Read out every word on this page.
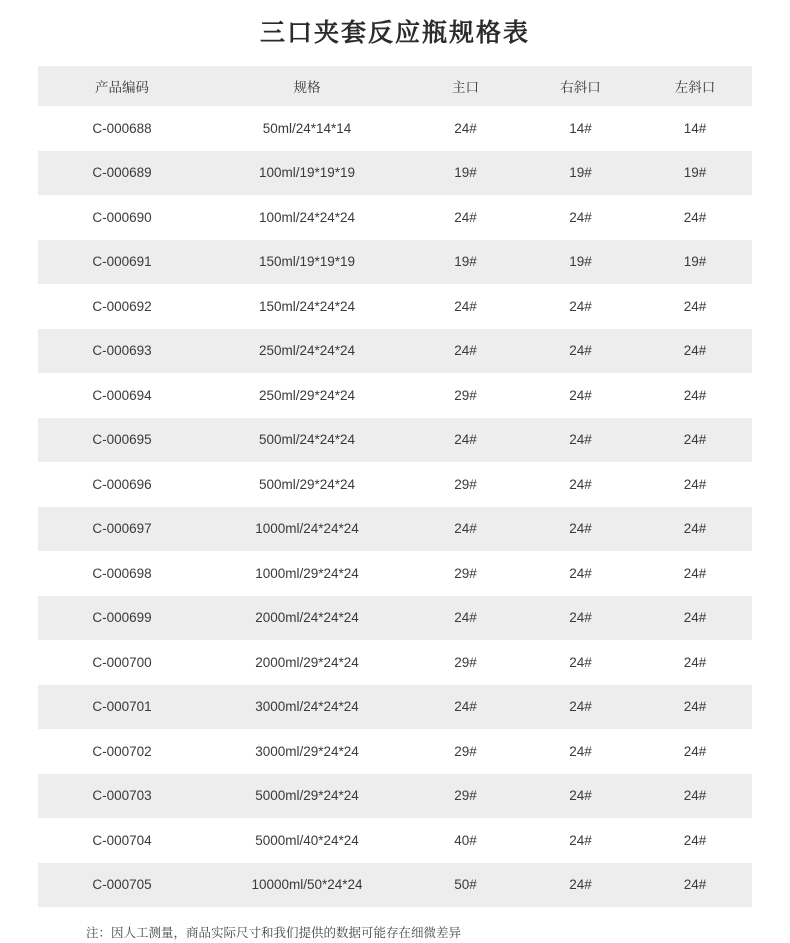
三口夹套反应瓶规格表
产品编码	规格	主口	右斜口	左斜口
C-000688	50ml/24*14*14	24#	14#	14#
C-000689	100ml/19*19*19	19#	19#	19#
C-000690	100ml/24*24*24	24#	24#	24#
C-000691	150ml/19*19*19	19#	19#	19#
C-000692	150ml/24*24*24	24#	24#	24#
C-000693	250ml/24*24*24	24#	24#	24#
C-000694	250ml/29*24*24	29#	24#	24#
C-000695	500ml/24*24*24	24#	24#	24#
C-000696	500ml/29*24*24	29#	24#	24#
C-000697	1000ml/24*24*24	24#	24#	24#
C-000698	1000ml/29*24*24	29#	24#	24#
C-000699	2000ml/24*24*24	24#	24#	24#
C-000700	2000ml/29*24*24	29#	24#	24#
C-000701	3000ml/24*24*24	24#	24#	24#
C-000702	3000ml/29*24*24	29#	24#	24#
C-000703	5000ml/29*24*24	29#	24#	24#
C-000704	5000ml/40*24*24	40#	24#	24#
C-000705	10000ml/50*24*24	50#	24#	24#
注：因人工测量，商品实际尺寸和我们提供的数据可能存在细微差异
